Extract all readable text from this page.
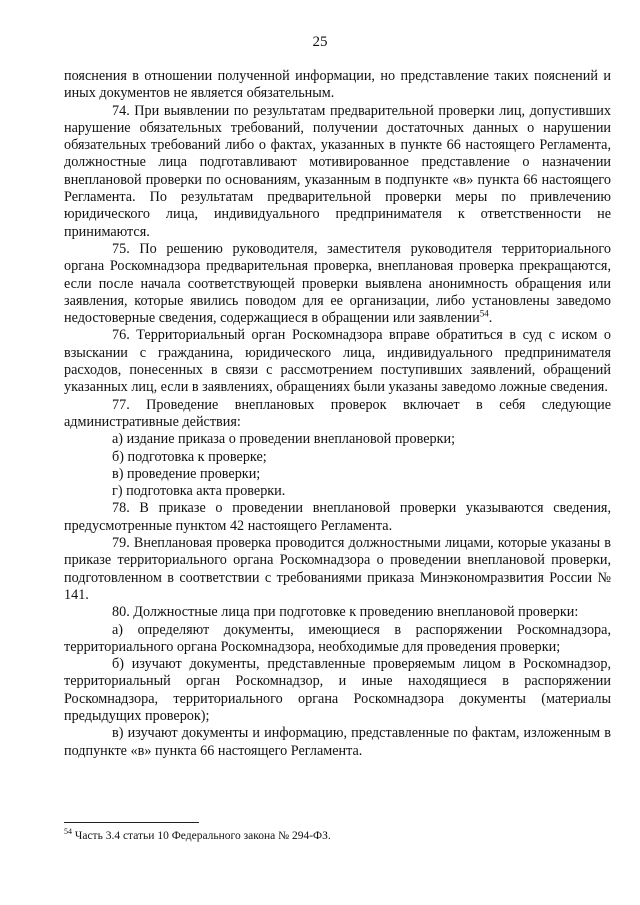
25

пояснения в отношении полученной информации, но представление таких пояснений и иных документов не является обязательным.

74. При выявлении по результатам предварительной проверки лиц, допустивших нарушение обязательных требований, получении достаточных данных о нарушении обязательных требований либо о фактах, указанных в пункте 66 настоящего Регламента, должностные лица подготавливают мотивированное представление о назначении внеплановой проверки по основаниям, указанным в подпункте «в» пункта 66 настоящего Регламента. По результатам предварительной проверки меры по привлечению юридического лица, индивидуального предпринимателя к ответственности не принимаются.

75. По решению руководителя, заместителя руководителя территориального органа Роскомнадзора предварительная проверка, внеплановая проверка прекращаются, если после начала соответствующей проверки выявлена анонимность обращения или заявления, которые явились поводом для ее организации, либо установлены заведомо недостоверные сведения, содержащиеся в обращении или заявлении$^{54}$.

76. Территориальный орган Роскомнадзора вправе обратиться в суд с иском о взыскании с гражданина, юридического лица, индивидуального предпринимателя расходов, понесенных в связи с рассмотрением поступивших заявлений, обращений указанных лиц, если в заявлениях, обращениях были указаны заведомо ложные сведения.

77. Проведение внеплановых проверок включает в себя следующие административные действия:

а) издание приказа о проведении внеплановой проверки;

б) подготовка к проверке;

в) проведение проверки;

г) подготовка акта проверки.

78. В приказе о проведении внеплановой проверки указываются сведения, предусмотренные пунктом 42 настоящего Регламента.

79. Внеплановая проверка проводится должностными лицами, которые указаны в приказе территориального органа Роскомнадзора о проведении внеплановой проверки, подготовленном в соответствии с требованиями приказа Минэкономразвития России № 141.

80. Должностные лица при подготовке к проведению внеплановой проверки:

а) определяют документы, имеющиеся в распоряжении Роскомнадзора, территориального органа Роскомнадзора, необходимые для проведения проверки;

б) изучают документы, представленные проверяемым лицом в Роскомнадзор, территориальный орган Роскомнадзор, и иные находящиеся в распоряжении Роскомнадзора, территориального органа Роскомнадзора документы (материалы предыдущих проверок);

в) изучают документы и информацию, представленные по фактам, изложенным в подпункте «в» пункта 66 настоящего Регламента.

$^{54}$ Часть 3.4 статьи 10 Федерального закона № 294-ФЗ.
